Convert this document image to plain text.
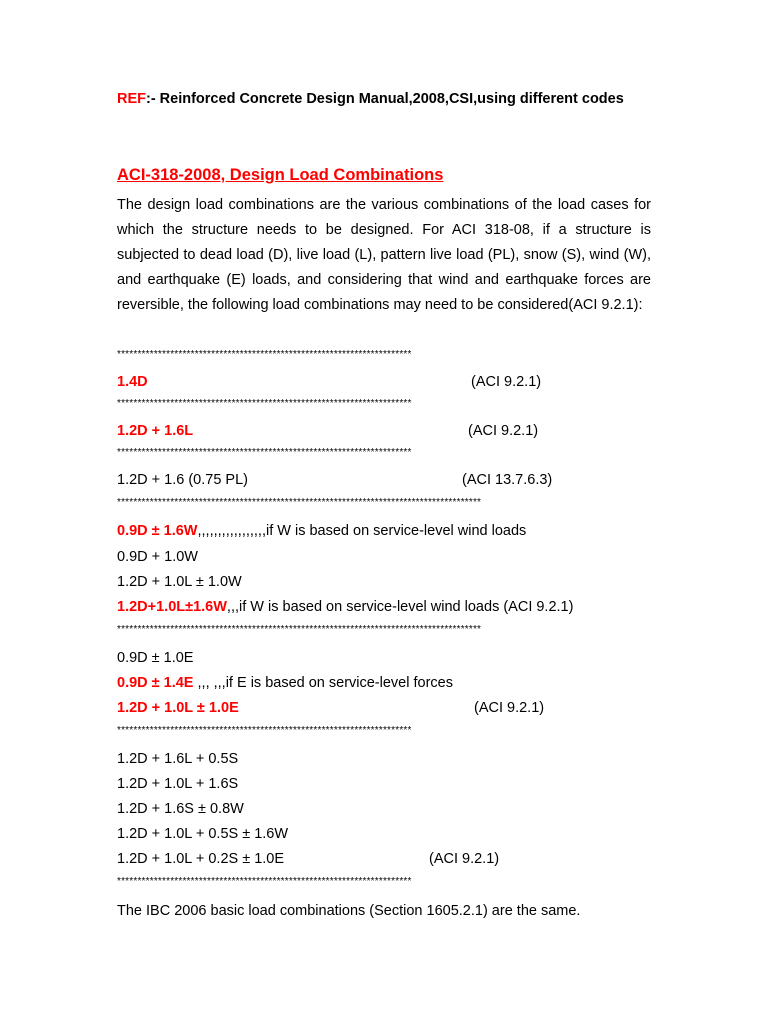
REF:- Reinforced Concrete Design Manual,2008,CSI,using different codes
ACI-318-2008, Design Load Combinations
The design load combinations are the various combinations of the load cases for which the structure needs to be designed. For ACI 318-08, if a structure is subjected to dead load (D), live load (L), pattern live load (PL), snow (S), wind (W), and earthquake (E) loads, and considering that wind and earthquake forces are reversible, the following load combinations may need to be considered(ACI 9.2.1):
************************************************************************
1.4D	(ACI 9.2.1)
************************************************************************
1.2D + 1.6L	(ACI 9.2.1)
************************************************************************
1.2D + 1.6 (0.75 PL)	(ACI 13.7.6.3)
*****************************************************************************************
0.9D ± 1.6W,,,,,,,,,,,,,,,,,if W is based on service-level wind loads
0.9D + 1.0W
1.2D + 1.0L ± 1.0W
1.2D+1.0L±1.6W,,,if W is based on service-level wind loads (ACI 9.2.1)
*****************************************************************************************
0.9D ± 1.0E
0.9D ± 1.4E ,,, ,,,if E is based on service-level forces
1.2D + 1.0L ± 1.0E	(ACI 9.2.1)
************************************************************************
1.2D + 1.6L + 0.5S
1.2D + 1.0L + 1.6S
1.2D + 1.6S ± 0.8W
1.2D + 1.0L + 0.5S ± 1.6W
1.2D + 1.0L + 0.2S ± 1.0E	(ACI 9.2.1)
************************************************************************
The IBC 2006 basic load combinations (Section 1605.2.1) are the same.
